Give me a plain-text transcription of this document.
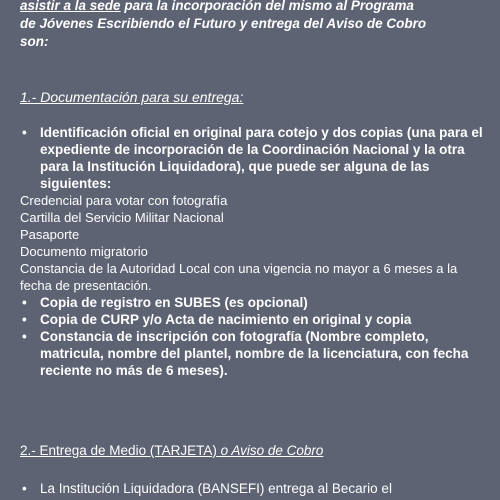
asistir a la sede para la incorporación del mismo al Programa
de Jóvenes Escribiendo el Futuro y entrega del Aviso de Cobro
son:
1.- Documentación para su entrega:
• Identificación oficial en original para cotejo y dos copias (una para el expediente de incorporación de la Coordinación Nacional y la otra para la Institución Liquidadora), que puede ser alguna de las siguientes:
Credencial para votar con fotografía
Cartilla del Servicio Militar Nacional
Pasaporte
Documento migratorio
Constancia de la Autoridad Local con una vigencia no mayor a 6 meses a la fecha de presentación.
• Copia de registro en SUBES (es opcional)
• Copia de CURP y/o Acta de nacimiento en original y copia
• Constancia de inscripción con fotografía (Nombre completo, matricula, nombre del plantel, nombre de la licenciatura, con fecha reciente no más de 6 meses).
2.- Entrega de Medio (TARJETA) o Aviso de Cobro
• La Institución Liquidadora (BANSEFI) entrega al Becario el
